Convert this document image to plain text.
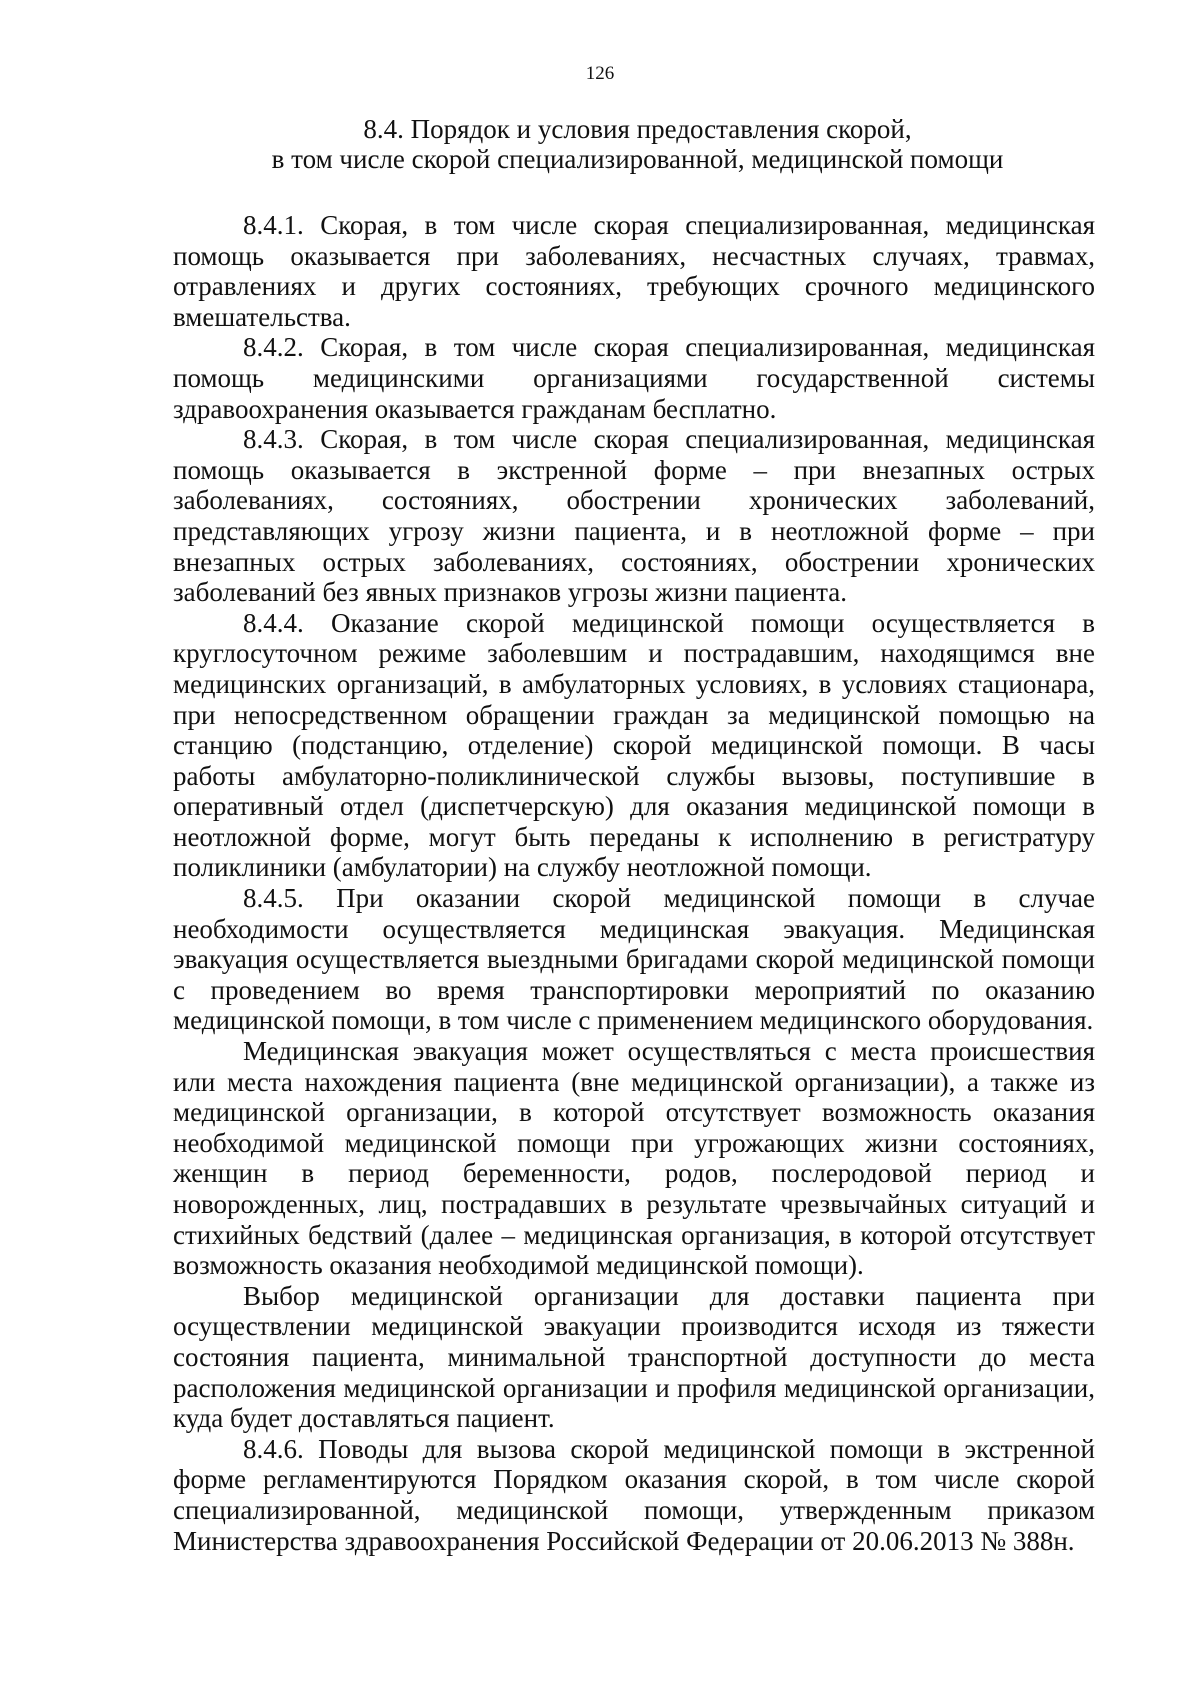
126
8.4. Порядок и условия предоставления скорой,
в том числе скорой специализированной, медицинской помощи

8.4.1. Скорая, в том числе скорая специализированная, медицинская помощь оказывается при заболеваниях, несчастных случаях, травмах, отравлениях и других состояниях, требующих срочного медицинского вмешательства.

8.4.2. Скорая, в том числе скорая специализированная, медицинская помощь медицинскими организациями государственной системы здравоохранения оказывается гражданам бесплатно.

8.4.3. Скорая, в том числе скорая специализированная, медицинская помощь оказывается в экстренной форме – при внезапных острых заболеваниях, состояниях, обострении хронических заболеваний, представляющих угрозу жизни пациента, и в неотложной форме – при внезапных острых заболеваниях, состояниях, обострении хронических заболеваний без явных признаков угрозы жизни пациента.

8.4.4. Оказание скорой медицинской помощи осуществляется в круглосуточном режиме заболевшим и пострадавшим, находящимся вне медицинских организаций, в амбулаторных условиях, в условиях стационара, при непосредственном обращении граждан за медицинской помощью на станцию (подстанцию, отделение) скорой медицинской помощи. В часы работы амбулаторно-поликлинической службы вызовы, поступившие в оперативный отдел (диспетчерскую) для оказания медицинской помощи в неотложной форме, могут быть переданы к исполнению в регистратуру поликлиники (амбулатории) на службу неотложной помощи.

8.4.5. При оказании скорой медицинской помощи в случае необходимости осуществляется медицинская эвакуация. Медицинская эвакуация осуществляется выездными бригадами скорой медицинской помощи с проведением во время транспортировки мероприятий по оказанию медицинской помощи, в том числе с применением медицинского оборудования.

Медицинская эвакуация может осуществляться с места происшествия или места нахождения пациента (вне медицинской организации), а также из медицинской организации, в которой отсутствует возможность оказания необходимой медицинской помощи при угрожающих жизни состояниях, женщин в период беременности, родов, послеродовой период и новорожденных, лиц, пострадавших в результате чрезвычайных ситуаций и стихийных бедствий (далее – медицинская организация, в которой отсутствует возможность оказания необходимой медицинской помощи).

Выбор медицинской организации для доставки пациента при осуществлении медицинской эвакуации производится исходя из тяжести состояния пациента, минимальной транспортной доступности до места расположения медицинской организации и профиля медицинской организации, куда будет доставляться пациент.

8.4.6. Поводы для вызова скорой медицинской помощи в экстренной форме регламентируются Порядком оказания скорой, в том числе скорой специализированной, медицинской помощи, утвержденным приказом Министерства здравоохранения Российской Федерации от 20.06.2013 № 388н.
